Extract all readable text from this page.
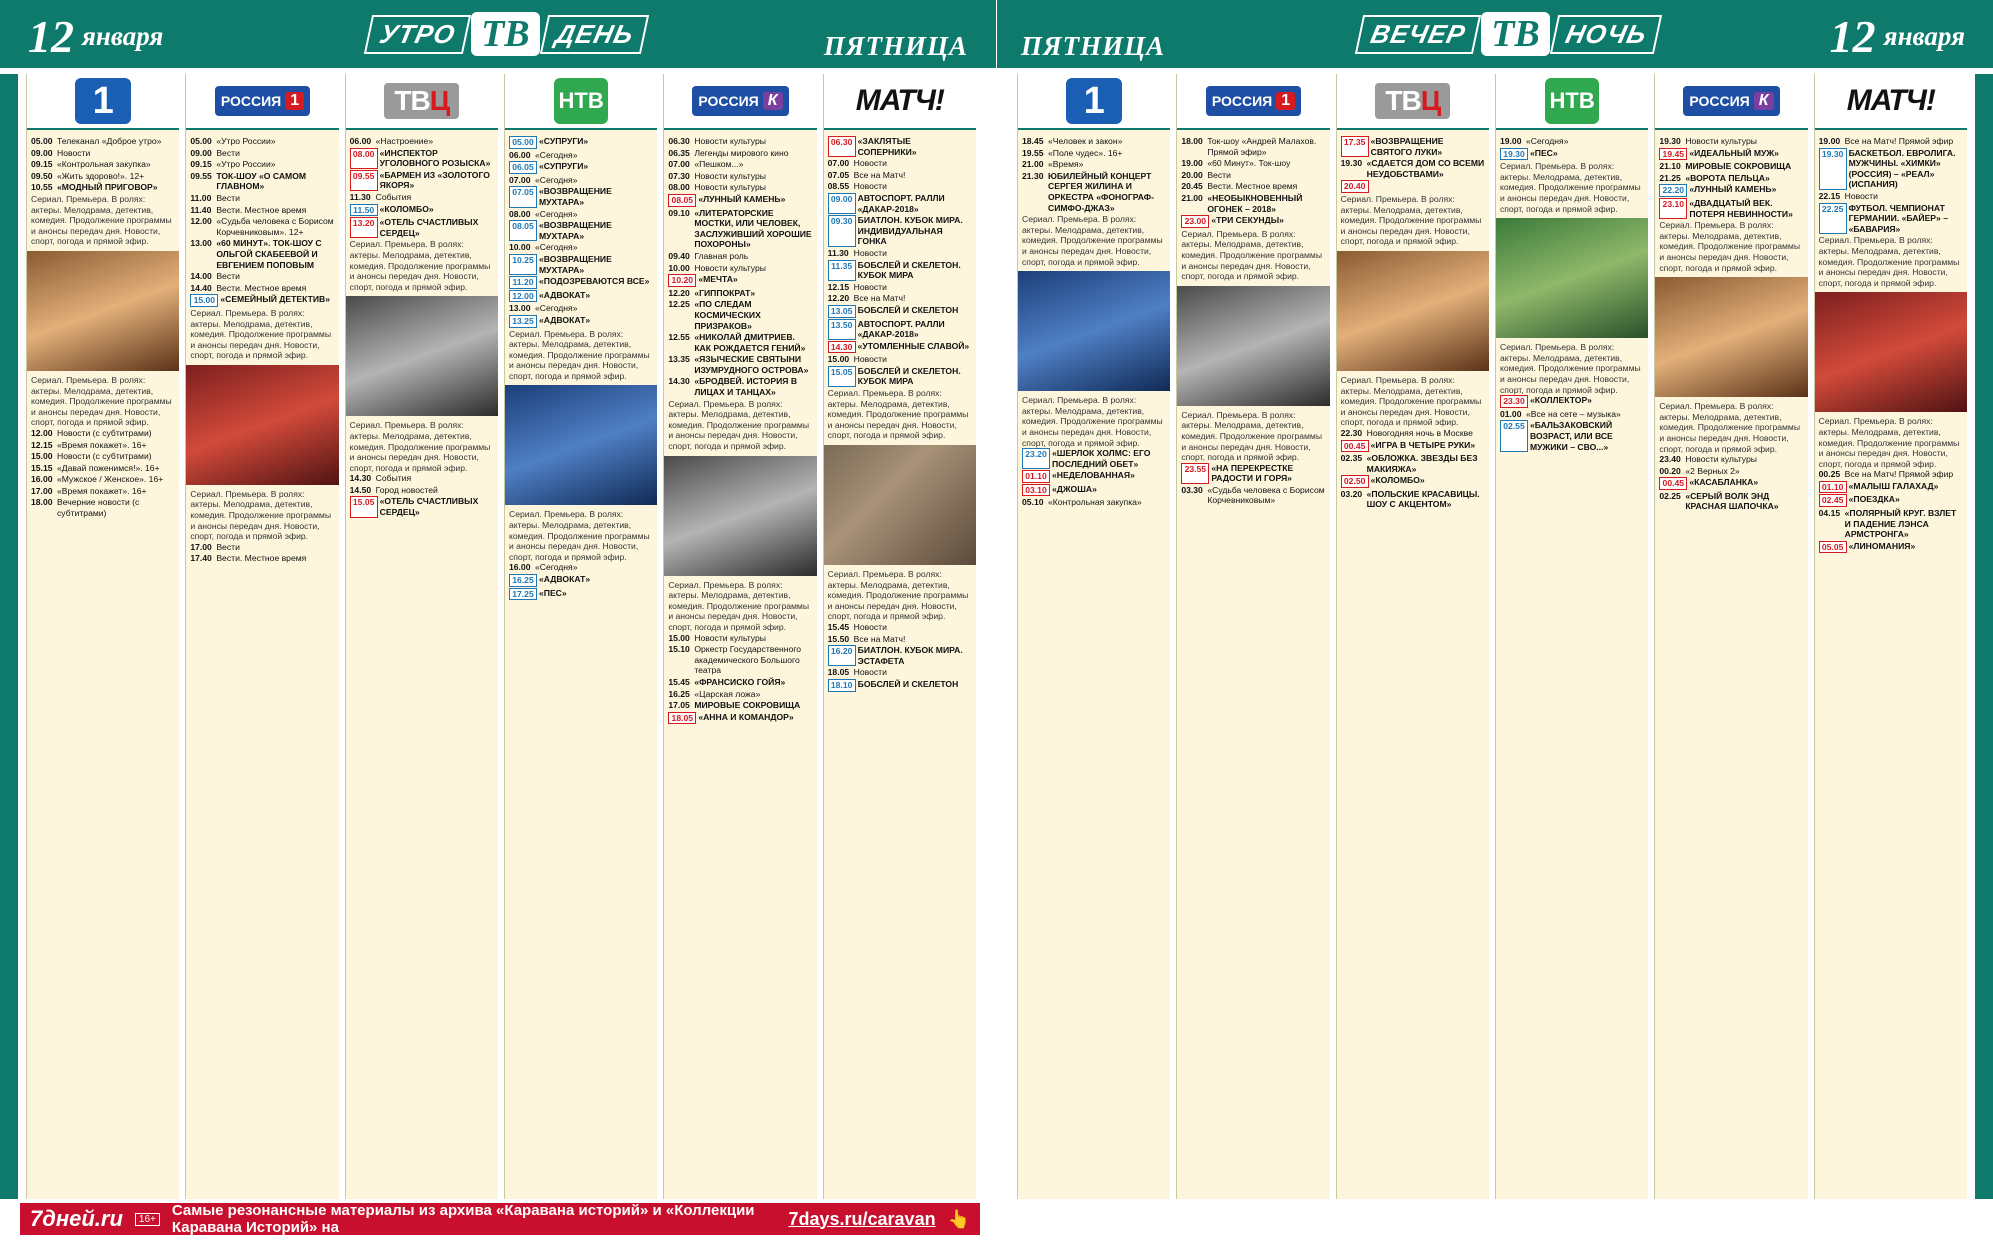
12 января	УТРО ТВ ДЕНЬ	ПЯТНИЦА
1
05.00 Телеканал «Доброе утро»
09.00 Новости
09.15 «Контрольная закупка»
09.50 «Жить здорово!». 12+
10.55 «МОДНЫЙ ПРИГОВОР»
Сериал. Премьера. В ролях: актеры. Мелодрама, детектив, комедия. Продолжение программы и анонсы передач дня. Новости, спорт, погода и прямой эфир.
Сериал. Премьера. В ролях: актеры. Мелодрама, детектив, комедия. Продолжение программы и анонсы передач дня. Новости, спорт, погода и прямой эфир.
12.00 Новости (с субтитрами)
12.15 «Время покажет». 16+
15.00 Новости (с субтитрами)
15.15 «Давай поженимся!». 16+
16.00 «Мужское / Женское». 16+
17.00 «Время покажет». 16+
18.00 Вечерние новости (с субтитрами)
РОССИЯ 1
05.00 «Утро России»
09.00 Вести
09.15 «Утро России»
09.55 ТОК-ШОУ «О САМОМ ГЛАВНОМ»
11.00 Вести
11.40 Вести. Местное время
12.00 «Судьба человека с Борисом Корчевниковым». 12+
13.00 «60 МИНУТ». ТОК-ШОУ С ОЛЬГОЙ СКАБЕЕВОЙ И ЕВГЕНИЕМ ПОПОВЫМ
14.00 Вести
14.40 Вести. Местное время
15.00 «СЕМЕЙНЫЙ ДЕТЕКТИВ»
Сериал. Премьера. В ролях: актеры. Мелодрама, детектив, комедия. Продолжение программы и анонсы передач дня. Новости, спорт, погода и прямой эфир.
Сериал. Премьера. В ролях: актеры. Мелодрама, детектив, комедия. Продолжение программы и анонсы передач дня. Новости, спорт, погода и прямой эфир.
17.00 Вести
17.40 Вести. Местное время
ТВЦ
06.00 «Настроение»
08.00 «ИНСПЕКТОР УГОЛОВНОГО РОЗЫСКА»
09.55 «БАРМЕН ИЗ «ЗОЛОТОГО ЯКОРЯ»
11.30 События
11.50 «КОЛОМБО»
13.20 «ОТЕЛЬ СЧАСТЛИВЫХ СЕРДЕЦ»
Сериал. Премьера. В ролях: актеры. Мелодрама, детектив, комедия. Продолжение программы и анонсы передач дня. Новости, спорт, погода и прямой эфир.
Сериал. Премьера. В ролях: актеры. Мелодрама, детектив, комедия. Продолжение программы и анонсы передач дня. Новости, спорт, погода и прямой эфир.
14.30 События
14.50 Город новостей
15.05 «ОТЕЛЬ СЧАСТЛИВЫХ СЕРДЕЦ»
НТВ
05.00 «СУПРУГИ»
06.00 «Сегодня»
06.05 «СУПРУГИ»
07.00 «Сегодня»
07.05 «ВОЗВРАЩЕНИЕ МУХТАРА»
08.00 «Сегодня»
08.05 «ВОЗВРАЩЕНИЕ МУХТАРА»
10.00 «Сегодня»
10.25 «ВОЗВРАЩЕНИЕ МУХТАРА»
11.20 «ПОДОЗРЕВАЮТСЯ ВСЕ»
12.00 «АДВОКАТ»
13.00 «Сегодня»
13.25 «АДВОКАТ»
Сериал. Премьера. В ролях: актеры. Мелодрама, детектив, комедия. Продолжение программы и анонсы передач дня. Новости, спорт, погода и прямой эфир.
Сериал. Премьера. В ролях: актеры. Мелодрама, детектив, комедия. Продолжение программы и анонсы передач дня. Новости, спорт, погода и прямой эфир.
16.00 «Сегодня»
16.25 «АДВОКАТ»
17.25 «ПЕС»
РОССИЯ К
06.30 Новости культуры
06.35 Легенды мирового кино
07.00 «Пешком...»
07.30 Новости культуры
08.00 Новости культуры
08.05 «ЛУННЫЙ КАМЕНЬ»
09.10 «ЛИТЕРАТОРСКИЕ МОСТКИ, ИЛИ ЧЕЛОВЕК, ЗАСЛУЖИВШИЙ ХОРОШИЕ ПОХОРОНЫ»
09.40 Главная роль
10.00 Новости культуры
10.20 «МЕЧТА»
12.20 «ГИППОКРАТ»
12.25 «ПО СЛЕДАМ КОСМИЧЕСКИХ ПРИЗРАКОВ»
12.55 «НИКОЛАЙ ДМИТРИЕВ. КАК РОЖДАЕТСЯ ГЕНИЙ»
13.35 «ЯЗЫЧЕСКИЕ СВЯТЫНИ ИЗУМРУДНОГО ОСТРОВА»
14.30 «БРОДВЕЙ. ИСТОРИЯ В ЛИЦАХ И ТАНЦАХ»
Сериал. Премьера. В ролях: актеры. Мелодрама, детектив, комедия. Продолжение программы и анонсы передач дня. Новости, спорт, погода и прямой эфир.
Сериал. Премьера. В ролях: актеры. Мелодрама, детектив, комедия. Продолжение программы и анонсы передач дня. Новости, спорт, погода и прямой эфир.
15.00 Новости культуры
15.10 Оркестр Государственного академического Большого театра
15.45 «ФРАНСИСКО ГОЙЯ»
16.25 «Царская ложа»
17.05 МИРОВЫЕ СОКРОВИЩА
18.05 «АННА И КОМАНДОР»
МАТЧ!
06.30 «ЗАКЛЯТЫЕ СОПЕРНИКИ»
07.00 Новости
07.05 Все на Матч!
08.55 Новости
09.00 АВТОСПОРТ. РАЛЛИ «ДАКАР-2018»
09.30 БИАТЛОН. КУБОК МИРА. ИНДИВИДУАЛЬНАЯ ГОНКА
11.30 Новости
11.35 БОБСЛЕЙ И СКЕЛЕТОН. КУБОК МИРА
12.15 Новости
12.20 Все на Матч!
13.05 БОБСЛЕЙ И СКЕЛЕТОН
13.50 АВТОСПОРТ. РАЛЛИ «ДАКАР-2018»
14.30 «УТОМЛЕННЫЕ СЛАВОЙ»
15.00 Новости
15.05 БОБСЛЕЙ И СКЕЛЕТОН. КУБОК МИРА
Сериал. Премьера. В ролях: актеры. Мелодрама, детектив, комедия. Продолжение программы и анонсы передач дня. Новости, спорт, погода и прямой эфир.
Сериал. Премьера. В ролях: актеры. Мелодрама, детектив, комедия. Продолжение программы и анонсы передач дня. Новости, спорт, погода и прямой эфир.
15.45 Новости
15.50 Все на Матч!
16.20 БИАТЛОН. КУБОК МИРА. ЭСТАФЕТА
18.05 Новости
18.10 БОБСЛЕЙ И СКЕЛЕТОН
7дней.ru	16+ Самые резонансные материалы из архива «Каравана историй» и «Коллекции Каравана Историй» на	7days.ru/caravan 👆
ПЯТНИЦА	ВЕЧЕР ТВ НОЧЬ	12 января
1
18.45 «Человек и закон»
19.55 «Поле чудес». 16+
21.00 «Время»
21.30 ЮБИЛЕЙНЫЙ КОНЦЕРТ СЕРГЕЯ ЖИЛИНА И ОРКЕСТРА «ФОНОГРАФ-СИМФО-ДЖАЗ»
Сериал. Премьера. В ролях: актеры. Мелодрама, детектив, комедия. Продолжение программы и анонсы передач дня. Новости, спорт, погода и прямой эфир.
Сериал. Премьера. В ролях: актеры. Мелодрама, детектив, комедия. Продолжение программы и анонсы передач дня. Новости, спорт, погода и прямой эфир.
23.20 «ШЕРЛОК ХОЛМС: ЕГО ПОСЛЕДНИЙ ОБЕТ»
01.10 «НЕДЕЛОВАННАЯ»
03.10 «ДЖОША»
05.10 «Контрольная закупка»
РОССИЯ 1
18.00 Ток-шоу «Андрей Малахов. Прямой эфир»
19.00 «60 Минут». Ток-шоу
20.00 Вести
20.45 Вести. Местное время
21.00 «НЕОБЫКНОВЕННЫЙ ОГОНЕК – 2018»
23.00 «ТРИ СЕКУНДЫ»
Сериал. Премьера. В ролях: актеры. Мелодрама, детектив, комедия. Продолжение программы и анонсы передач дня. Новости, спорт, погода и прямой эфир.
Сериал. Премьера. В ролях: актеры. Мелодрама, детектив, комедия. Продолжение программы и анонсы передач дня. Новости, спорт, погода и прямой эфир.
23.55 «НА ПЕРЕКРЕСТКЕ РАДОСТИ И ГОРЯ»
03.30 «Судьба человека с Борисом Корчевниковым»
ТВЦ
17.35 «ВОЗВРАЩЕНИЕ СВЯТОГО ЛУКИ»
19.30 «СДАЕТСЯ ДОМ СО ВСЕМИ НЕУДОБСТВАМИ»
20.40
Сериал. Премьера. В ролях: актеры. Мелодрама, детектив, комедия. Продолжение программы и анонсы передач дня. Новости, спорт, погода и прямой эфир.
Сериал. Премьера. В ролях: актеры. Мелодрама, детектив, комедия. Продолжение программы и анонсы передач дня. Новости, спорт, погода и прямой эфир.
22.30 Новогодняя ночь в Москве
00.45 «ИГРА В ЧЕТЫРЕ РУКИ»
02.35 «ОБЛОЖКА. ЗВЕЗДЫ БЕЗ МАКИЯЖА»
02.50 «КОЛОМБО»
03.20 «ПОЛЬСКИЕ КРАСАВИЦЫ. ШОУ С АКЦЕНТОМ»
НТВ
19.00 «Сегодня»
19.30 «ПЕС»
Сериал. Премьера. В ролях: актеры. Мелодрама, детектив, комедия. Продолжение программы и анонсы передач дня. Новости, спорт, погода и прямой эфир.
Сериал. Премьера. В ролях: актеры. Мелодрама, детектив, комедия. Продолжение программы и анонсы передач дня. Новости, спорт, погода и прямой эфир.
23.30 «КОЛЛЕКТОР»
01.00 «Все на сете – музыка»
02.55 «БАЛЬЗАКОВСКИЙ ВОЗРАСТ, ИЛИ ВСЕ МУЖИКИ – СВО...»
РОССИЯ К
19.30 Новости культуры
19.45 «ИДЕАЛЬНЫЙ МУЖ»
21.10 МИРОВЫЕ СОКРОВИЩА
21.25 «ВОРОТА ПЕЛЬЦА»
22.20 «ЛУННЫЙ КАМЕНЬ»
23.10 «ДВАДЦАТЫЙ ВЕК. ПОТЕРЯ НЕВИННОСТИ»
Сериал. Премьера. В ролях: актеры. Мелодрама, детектив, комедия. Продолжение программы и анонсы передач дня. Новости, спорт, погода и прямой эфир.
Сериал. Премьера. В ролях: актеры. Мелодрама, детектив, комедия. Продолжение программы и анонсы передач дня. Новости, спорт, погода и прямой эфир.
23.40 Новости культуры
00.20 «2 Верных 2»
00.45 «КАСАБЛАНКА»
02.25 «СЕРЫЙ ВОЛК ЭНД КРАСНАЯ ШАПОЧКА»
МАТЧ!
19.00 Все на Матч! Прямой эфир
19.30 БАСКЕТБОЛ. ЕВРОЛИГА. МУЖЧИНЫ. «ХИМКИ» (РОССИЯ) – «РЕАЛ» (ИСПАНИЯ)
22.15 Новости
22.25 ФУТБОЛ. ЧЕМПИОНАТ ГЕРМАНИИ. «БАЙЕР» – «БАВАРИЯ»
Сериал. Премьера. В ролях: актеры. Мелодрама, детектив, комедия. Продолжение программы и анонсы передач дня. Новости, спорт, погода и прямой эфир.
Сериал. Премьера. В ролях: актеры. Мелодрама, детектив, комедия. Продолжение программы и анонсы передач дня. Новости, спорт, погода и прямой эфир.
00.25 Все на Матч! Прямой эфир
01.10 «МАЛЫШ ГАЛАХАД»
02.45 «ПОЕЗДКА»
04.15 «ПОЛЯРНЫЙ КРУГ. ВЗЛЕТ И ПАДЕНИЕ ЛЭНСА АРМСТРОНГА»
05.05 «ЛИНОМАНИЯ»
